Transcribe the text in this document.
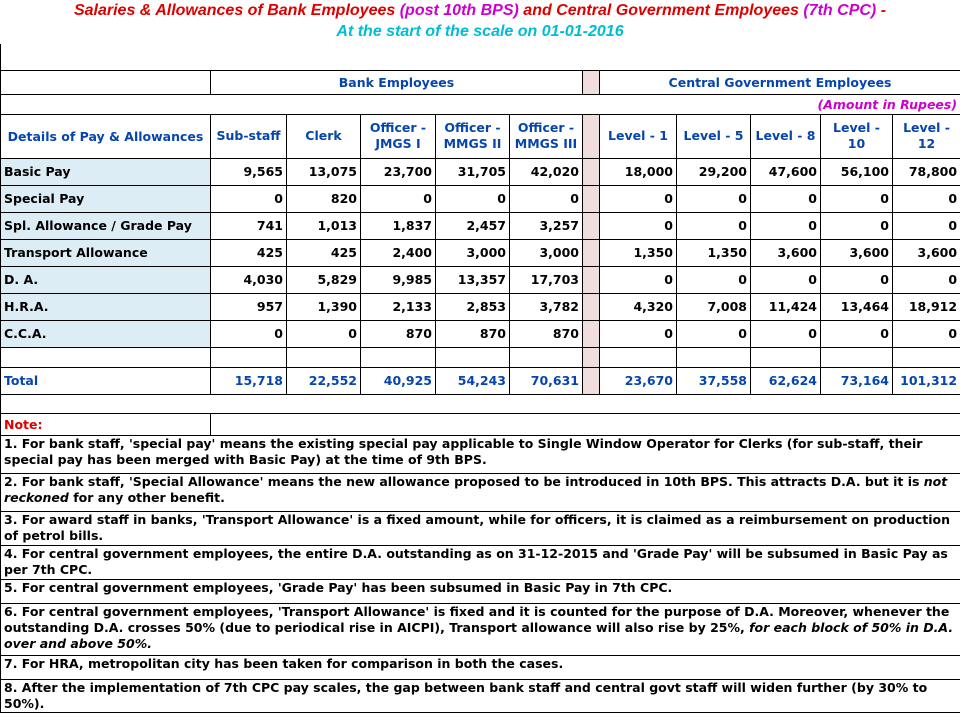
Salaries & Allowances of Bank Employees (post 10th BPS) and Central Government Employees (7th CPC) -
At the start of the scale on 01-01-2016

	Bank Employees						Central Government Employees				
(Amount in Rupees)											
Details of Pay & Allowances	Sub-staff	Clerk	Officer - JMGS I	Officer - MMGS II	Officer - MMGS III		Level - 1	Level - 5	Level - 8	Level - 10	Level - 12
Basic Pay	9,565	13,075	23,700	31,705	42,020		18,000	29,200	47,600	56,100	78,800
Special Pay	0	820	0	0	0		0	0	0	0	0
Spl. Allowance / Grade Pay	741	1,013	1,837	2,457	3,257		0	0	0	0	0
Transport Allowance	425	425	2,400	3,000	3,000		1,350	1,350	3,600	3,600	3,600
D. A.	4,030	5,829	9,985	13,357	17,703		0	0	0	0	0
H.R.A.	957	1,390	2,133	2,853	3,782		4,320	7,008	11,424	13,464	18,912
C.C.A.	0	0	870	870	870		0	0	0	0	0

Total	15,718	22,552	40,925	54,243	70,631		23,670	37,558	62,624	73,164	101,312

Note:											
1. For bank staff, 'special pay' means the existing special pay applicable to Single Window Operator for Clerks (for sub-staff, their special pay has been merged with Basic Pay) at the time of 9th BPS.											
2. For bank staff, 'Special Allowance' means the new allowance proposed to be introduced in 10th BPS. This attracts D.A. but it is not reckoned for any other benefit.											
3. For award staff in banks, 'Transport Allowance' is a fixed amount, while for officers, it is claimed as a reimbursement on production of petrol bills.											
4. For central government employees, the entire D.A. outstanding as on 31-12-2015 and 'Grade Pay' will be subsumed in Basic Pay as per 7th CPC.											
5. For central government employees, 'Grade Pay' has been subsumed in Basic Pay in 7th CPC.											
6. For central government employees, 'Transport Allowance' is fixed and it is counted for the purpose of D.A. Moreover, whenever the outstanding D.A. crosses 50% (due to periodical rise in AICPI), Transport allowance will also rise by 25%, for each block of 50% in D.A. over and above 50%.											
7. For HRA, metropolitan city has been taken for comparison in both the cases.											
8. After the implementation of 7th CPC pay scales, the gap between bank staff and central govt staff will widen further (by 30% to 50%).											
